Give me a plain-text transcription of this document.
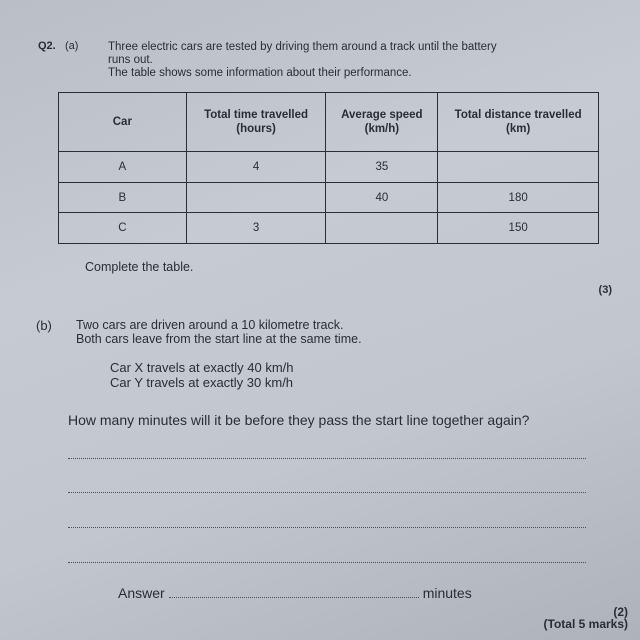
Q2. (a)	Three electric cars are tested by driving them around a track until the battery
runs out.
The table shows some information about their performance.
Car	Total time travelled (hours)	Average speed (km/h)	Total distance travelled (km)
A	4	35	
B		40	180
C	3		150
Complete the table.
(3)
(b) Two cars are driven around a 10 kilometre track.
Both cars leave from the start line at the same time.
Car X travels at exactly 40 km/h
Car Y travels at exactly 30 km/h
How many minutes will it be before they pass the start line together again?
Answer	minutes
(2)
(Total 5 marks)
